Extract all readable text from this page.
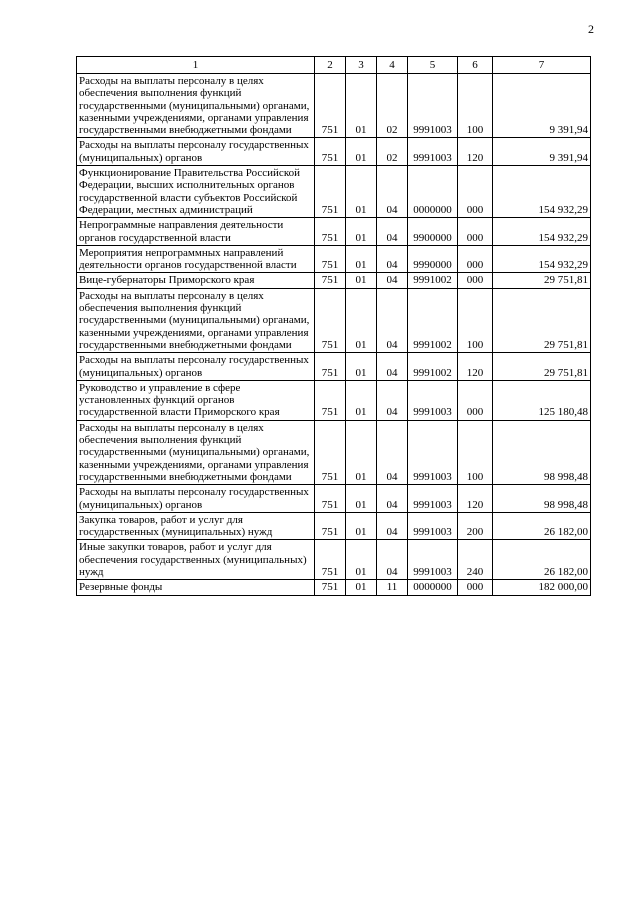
2
1	2	3	4	5	6	7
Расходы на выплаты персоналу в целях обеспечения выполнения функций государственными (муниципальными) органами, казенными учреждениями, органами управления государственными внебюджетными фондами	751	01	02	9991003	100	9 391,94
Расходы на выплаты персоналу государственных (муниципальных) органов	751	01	02	9991003	120	9 391,94
Функционирование Правительства Российской Федерации, высших исполнительных органов государственной власти субъектов Российской Федерации, местных администраций	751	01	04	0000000	000	154 932,29
Непрограммные направления деятельности органов государственной власти	751	01	04	9900000	000	154 932,29
Мероприятия непрограммных направлений деятельности органов государственной власти	751	01	04	9990000	000	154 932,29
Вице-губернаторы Приморского края	751	01	04	9991002	000	29 751,81
Расходы на выплаты персоналу в целях обеспечения выполнения функций государственными (муниципальными) органами, казенными учреждениями, органами управления государственными внебюджетными фондами	751	01	04	9991002	100	29 751,81
Расходы на выплаты персоналу государственных (муниципальных) органов	751	01	04	9991002	120	29 751,81
Руководство и управление в сфере установленных функций органов государственной власти Приморского края	751	01	04	9991003	000	125 180,48
Расходы на выплаты персоналу в целях обеспечения выполнения функций государственными (муниципальными) органами, казенными учреждениями, органами управления государственными внебюджетными фондами	751	01	04	9991003	100	98 998,48
Расходы на выплаты персоналу государственных (муниципальных) органов	751	01	04	9991003	120	98 998,48
Закупка товаров, работ и услуг для государственных (муниципальных) нужд	751	01	04	9991003	200	26 182,00
Иные закупки товаров, работ и услуг для обеспечения государственных (муниципальных) нужд	751	01	04	9991003	240	26 182,00
Резервные фонды	751	01	11	0000000	000	182 000,00
